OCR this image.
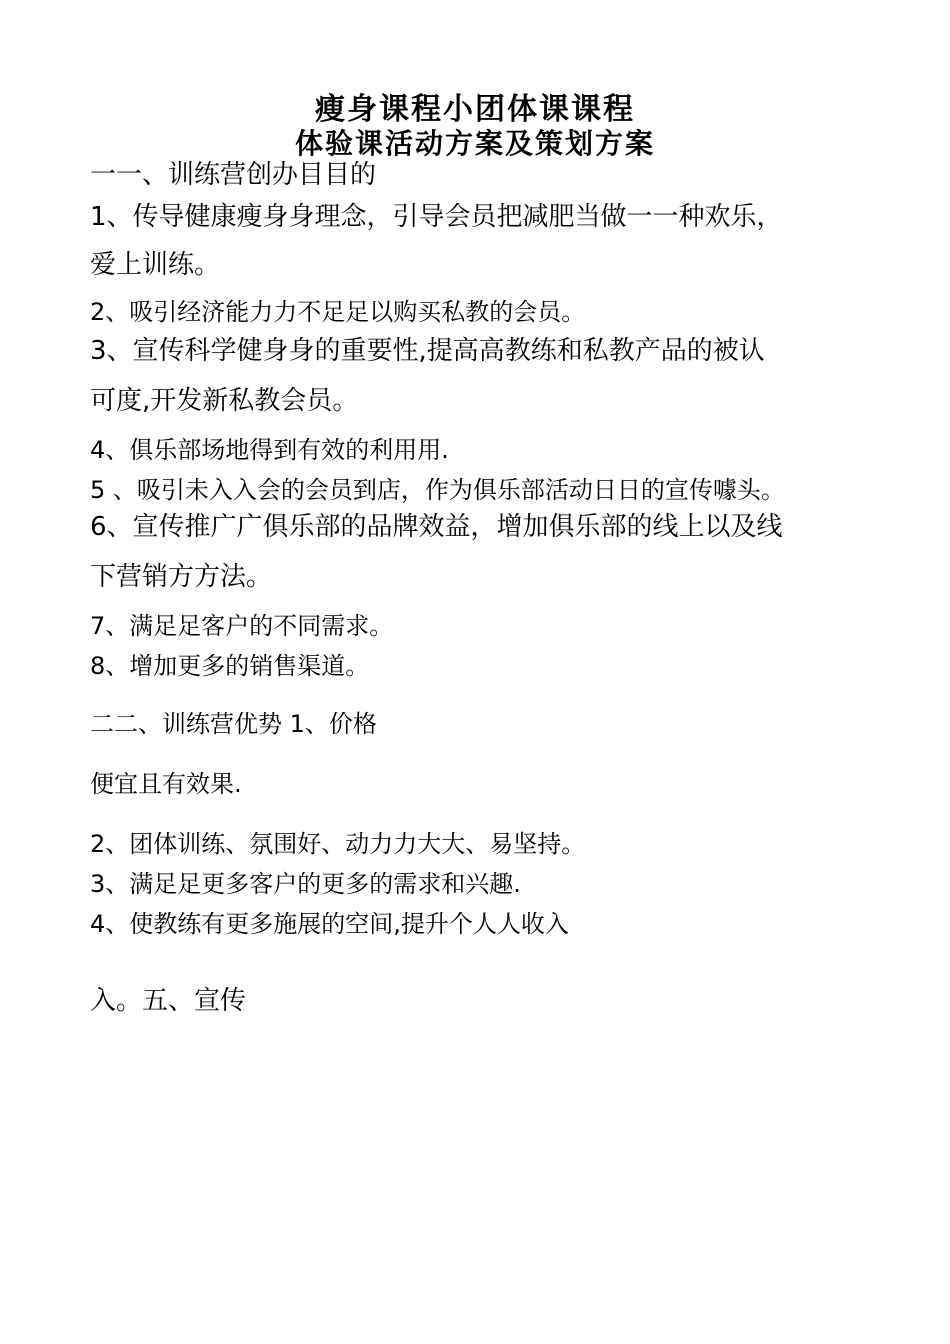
瘦身课程小团体课课程
体验课活动方案及策划方案
一一、训练营创办目目的
1、传导健康瘦身身理念，引导会员把减肥当做一一种欢乐，
爱上训练。
2、吸引经济能力力不足足以购买私教的会员。
3、宣传科学健身身的重要性,提高高教练和私教产品的被认
可度,开发新私教会员。
4、俱乐部场地得到有效的利用用.
5 、吸引未入入会的会员到店，作为俱乐部活动日日的宣传噱头。
6、宣传推广广俱乐部的品牌效益，增加俱乐部的线上以及线
下营销方方法。
7、满足足客户的不同需求。
8、增加更多的销售渠道。
二二、训练营优势 1、价格
便宜且有效果.
2、团体训练、氛围好、动力力大大、易坚持。
3、满足足更多客户的更多的需求和兴趣.
4、使教练有更多施展的空间,提升个人人收入
入。五、宣传
